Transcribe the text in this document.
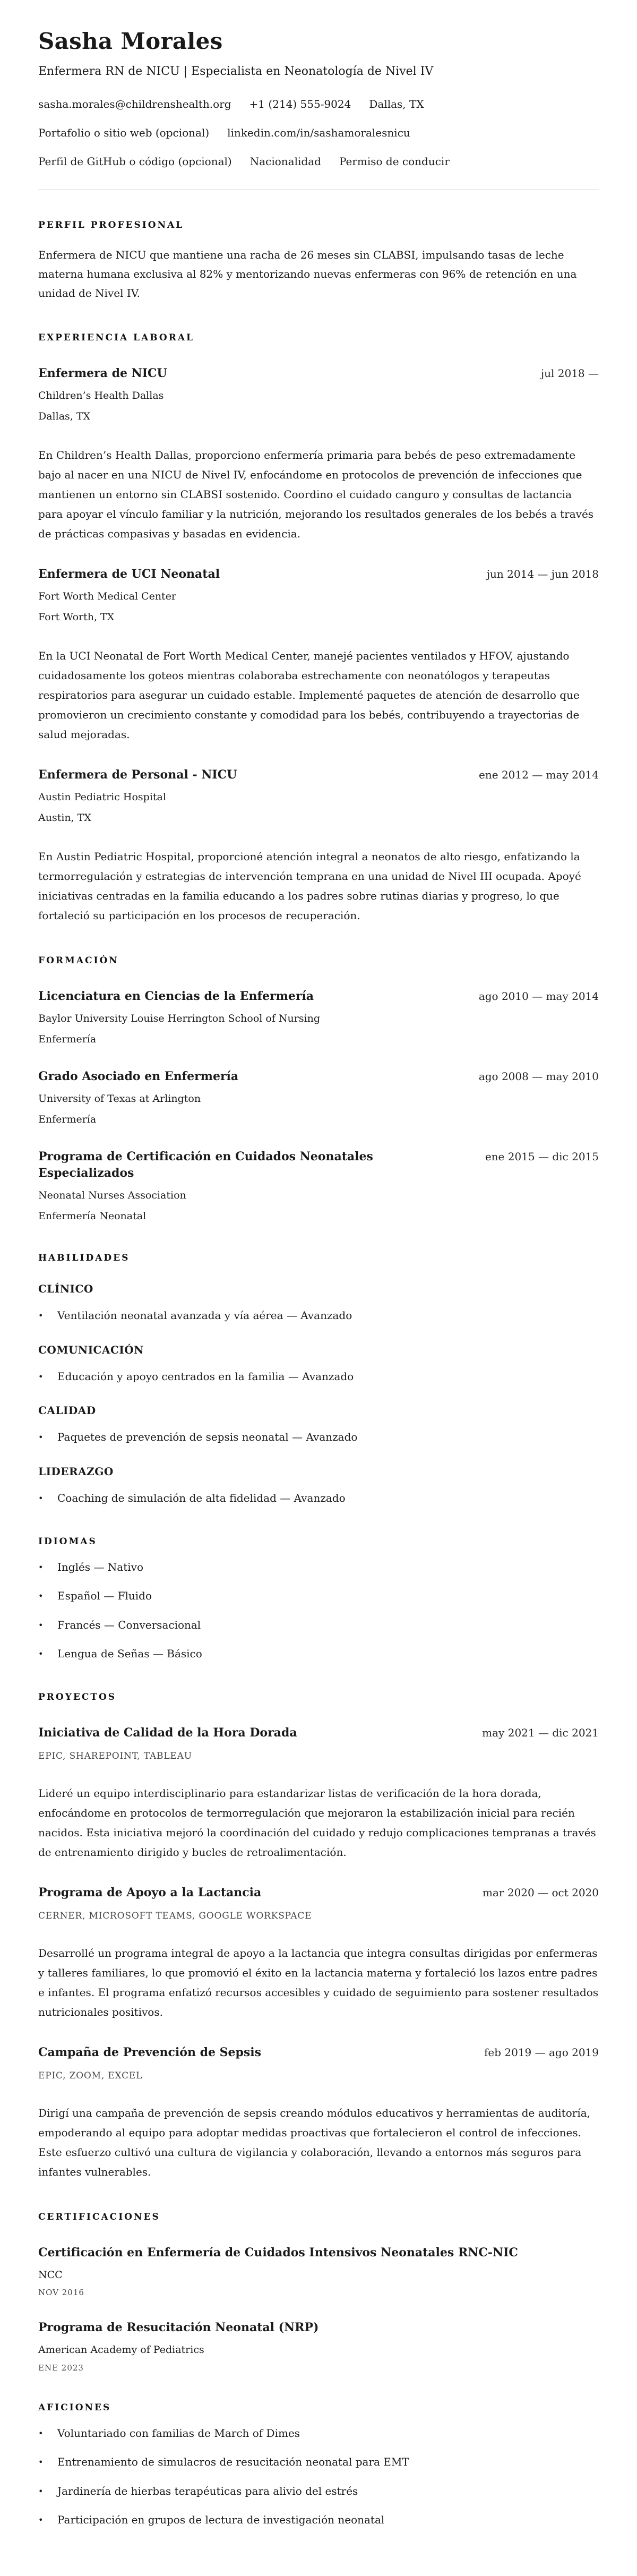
Sasha Morales
Enfermera RN de NICU | Especialista en Neonatología de Nivel IV
sasha.morales@childrenshealth.org +1 (214) 555-9024 Dallas, TX
Portafolio o sitio web (opcional) linkedin.com/in/sashamoralesnicu
Perfil de GitHub o código (opcional) Nacionalidad Permiso de conducir
PERFIL PROFESIONAL

Enfermera de NICU que mantiene una racha de 26 meses sin CLABSI, impulsando tasas de leche materna humana exclusiva al 82% y mentorizando nuevas enfermeras con 96% de retención en una unidad de Nivel IV.

EXPERIENCIA LABORAL
Enfermera de NICU	jul 2018 —
Children’s Health Dallas
Dallas, TX

En Children’s Health Dallas, proporciono enfermería primaria para bebés de peso extremadamente bajo al nacer en una NICU de Nivel IV, enfocándome en protocolos de prevención de infecciones que mantienen un entorno sin CLABSI sostenido. Coordino el cuidado canguro y consultas de lactancia para apoyar el vínculo familiar y la nutrición, mejorando los resultados generales de los bebés a través de prácticas compasivas y basadas en evidencia.

Enfermera de UCI Neonatal	jun 2014 — jun 2018
Fort Worth Medical Center
Fort Worth, TX

En la UCI Neonatal de Fort Worth Medical Center, manejé pacientes ventilados y HFOV, ajustando cuidadosamente los goteos mientras colaboraba estrechamente con neonatólogos y terapeutas respiratorios para asegurar un cuidado estable. Implementé paquetes de atención de desarrollo que promovieron un crecimiento constante y comodidad para los bebés, contribuyendo a trayectorias de salud mejoradas.

Enfermera de Personal - NICU	ene 2012 — may 2014
Austin Pediatric Hospital
Austin, TX

En Austin Pediatric Hospital, proporcioné atención integral a neonatos de alto riesgo, enfatizando la termorregulación y estrategias de intervención temprana en una unidad de Nivel III ocupada. Apoyé iniciativas centradas en la familia educando a los padres sobre rutinas diarias y progreso, lo que fortaleció su participación en los procesos de recuperación.

FORMACIÓN
Licenciatura en Ciencias de la Enfermería	ago 2010 — may 2014
Baylor University Louise Herrington School of Nursing
Enfermería
Grado Asociado en Enfermería	ago 2008 — may 2010
University of Texas at Arlington
Enfermería
Programa de Certificación en Cuidados Neonatales Especializados
ene 2015 — dic 2015
Neonatal Nurses Association
Enfermería Neonatal
HABILIDADES
CLÍNICO
• Ventilación neonatal avanzada y vía aérea — Avanzado
COMUNICACIÓN
• Educación y apoyo centrados en la familia — Avanzado
CALIDAD
• Paquetes de prevención de sepsis neonatal — Avanzado
LIDERAZGO
• Coaching de simulación de alta fidelidad — Avanzado
IDIOMAS
• Inglés — Nativo
• Español — Fluido
• Francés — Conversacional
• Lengua de Señas — Básico
PROYECTOS
Iniciativa de Calidad de la Hora Dorada	may 2021 — dic 2021
EPIC, SHAREPOINT, TABLEAU

Lideré un equipo interdisciplinario para estandarizar listas de verificación de la hora dorada, enfocándome en protocolos de termorregulación que mejoraron la estabilización inicial para recién nacidos. Esta iniciativa mejoró la coordinación del cuidado y redujo complicaciones tempranas a través de entrenamiento dirigido y bucles de retroalimentación.

Programa de Apoyo a la Lactancia	mar 2020 — oct 2020
CERNER, MICROSOFT TEAMS, GOOGLE WORKSPACE

Desarrollé un programa integral de apoyo a la lactancia que integra consultas dirigidas por enfermeras y talleres familiares, lo que promovió el éxito en la lactancia materna y fortaleció los lazos entre padres e infantes. El programa enfatizó recursos accesibles y cuidado de seguimiento para sostener resultados nutricionales positivos.

Campaña de Prevención de Sepsis	feb 2019 — ago 2019
EPIC, ZOOM, EXCEL

Dirigí una campaña de prevención de sepsis creando módulos educativos y herramientas de auditoría, empoderando al equipo para adoptar medidas proactivas que fortalecieron el control de infecciones. Este esfuerzo cultivó una cultura de vigilancia y colaboración, llevando a entornos más seguros para infantes vulnerables.

CERTIFICACIONES
Certificación en Enfermería de Cuidados Intensivos Neonatales RNC-NIC
NCC
NOV 2016
Programa de Resucitación Neonatal (NRP)
American Academy of Pediatrics
ENE 2023
AFICIONES
• Voluntariado con familias de March of Dimes
• Entrenamiento de simulacros de resucitación neonatal para EMT
• Jardinería de hierbas terapéuticas para alivio del estrés
• Participación en grupos de lectura de investigación neonatal
